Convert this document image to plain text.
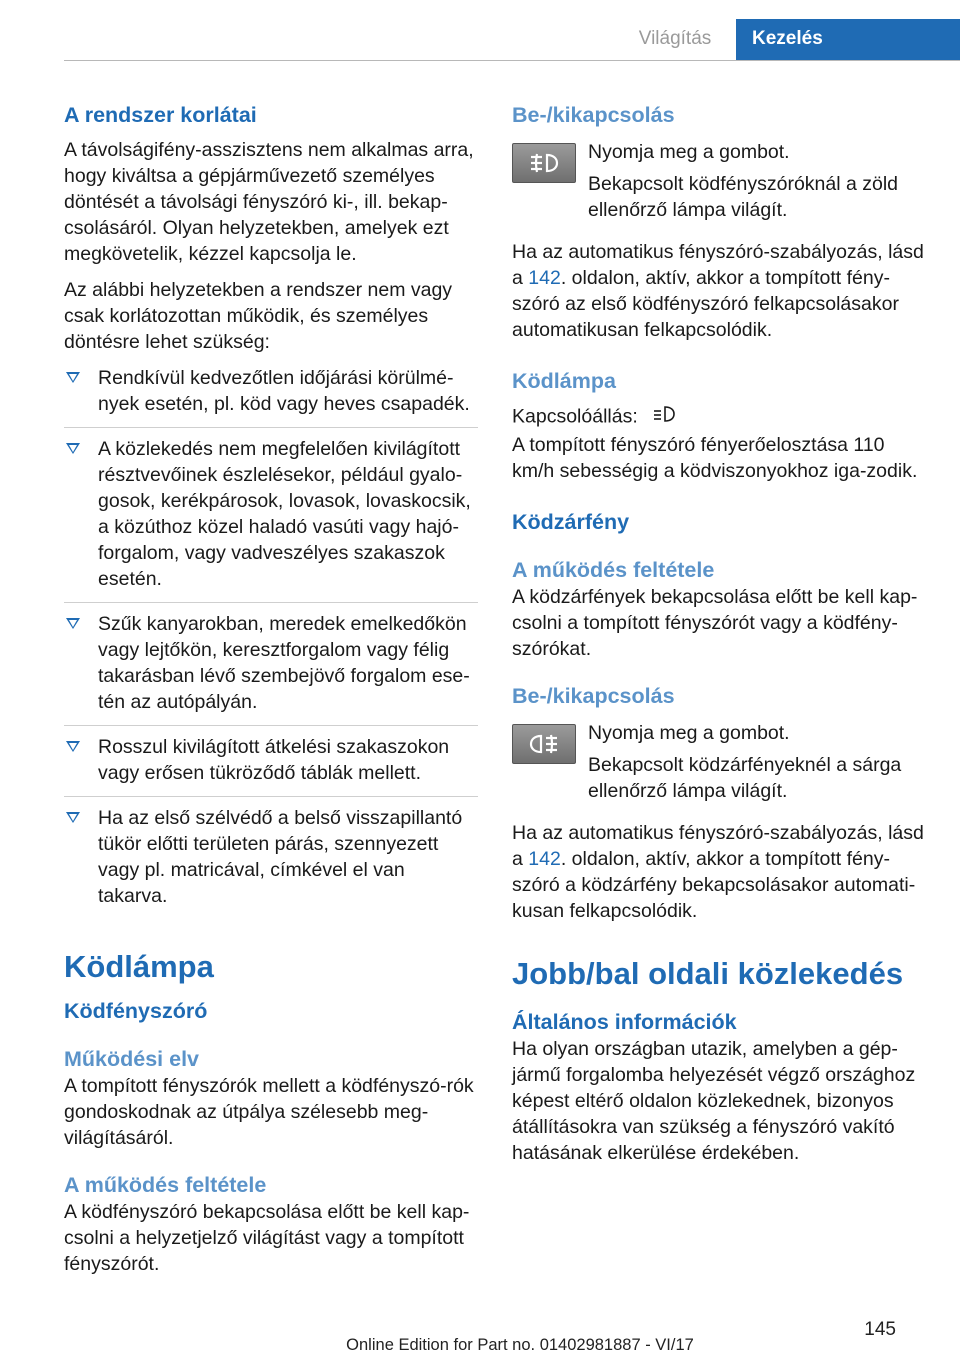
Világítás	Kezelés
A rendszer korlátai

A távolságifény-asszisztens nem alkalmas arra, hogy kiváltsa a gépjárművezető személyes döntését a távolsági fényszóró ki-, ill. bekap-csolásáról. Olyan helyzetekben, amelyek ezt megkövetelik, kézzel kapcsolja le.

Az alábbi helyzetekben a rendszer nem vagy csak korlátozottan működik, és személyes döntésre lehet szükség:

Rendkívül kedvezőtlen időjárási körülmé-nyek esetén, pl. köd vagy heves csapadék.
A közlekedés nem megfelelően kivilágított résztvevőinek észlelésekor, például gyalo-gosok, kerékpárosok, lovasok, lovaskocsik, a közúthoz közel haladó vasúti vagy hajó-forgalom, vagy vadveszélyes szakaszok esetén.
Szűk kanyarokban, meredek emelkedőkön vagy lejtőkön, keresztforgalom vagy félig takarásban lévő szembejövő forgalom ese-tén az autópályán.
Rosszul kivilágított átkelési szakaszokon vagy erősen tükröződő táblák mellett.
Ha az első szélvédő a belső visszapillantó tükör előtti területen párás, szennyezett vagy pl. matricával, címkével el van takarva.
Ködlámpa
Ködfényszóró
Működési elv

A tompított fényszórók mellett a ködfényszó-rók gondoskodnak az útpálya szélesebb meg-világításáról.

A működés feltétele

A ködfényszóró bekapcsolása előtt be kell kap-csolni a helyzetjelző világítást vagy a tompított fényszórót.

Be-/kikapcsolás

Nyomja meg a gombot.

Bekapcsolt ködfényszóróknál a zöld ellenőrző lámpa világít.

Ha az automatikus fényszóró-szabályozás, lásd a 142. oldalon, aktív, akkor a tompított fény-szóró az első ködfényszóró felkapcsolásakor automatikusan felkapcsolódik.

Ködlámpa

Kapcsolóállás:

A tompított fényszóró fényerőelosztása 110 km/h sebességig a ködviszonyokhoz iga-zodik.

Ködzárfény
A működés feltétele

A ködzárfények bekapcsolása előtt be kell kap-csolni a tompított fényszórót vagy a ködfény-szórókat.

Be-/kikapcsolás

Nyomja meg a gombot.

Bekapcsolt ködzárfényeknél a sárga ellenőrző lámpa világít.

Ha az automatikus fényszóró-szabályozás, lásd a 142. oldalon, aktív, akkor a tompított fény-szóró a ködzárfény bekapcsolásakor automati-kusan felkapcsolódik.

Jobb/bal oldali közlekedés
Általános információk

Ha olyan országban utazik, amelyben a gép-jármű forgalomba helyezését végző országhoz képest eltérő oldalon közlekednek, bizonyos átállításokra van szükség a fényszóró vakító hatásának elkerülése érdekében.

145
Online Edition for Part no. 01402981887 - VI/17
